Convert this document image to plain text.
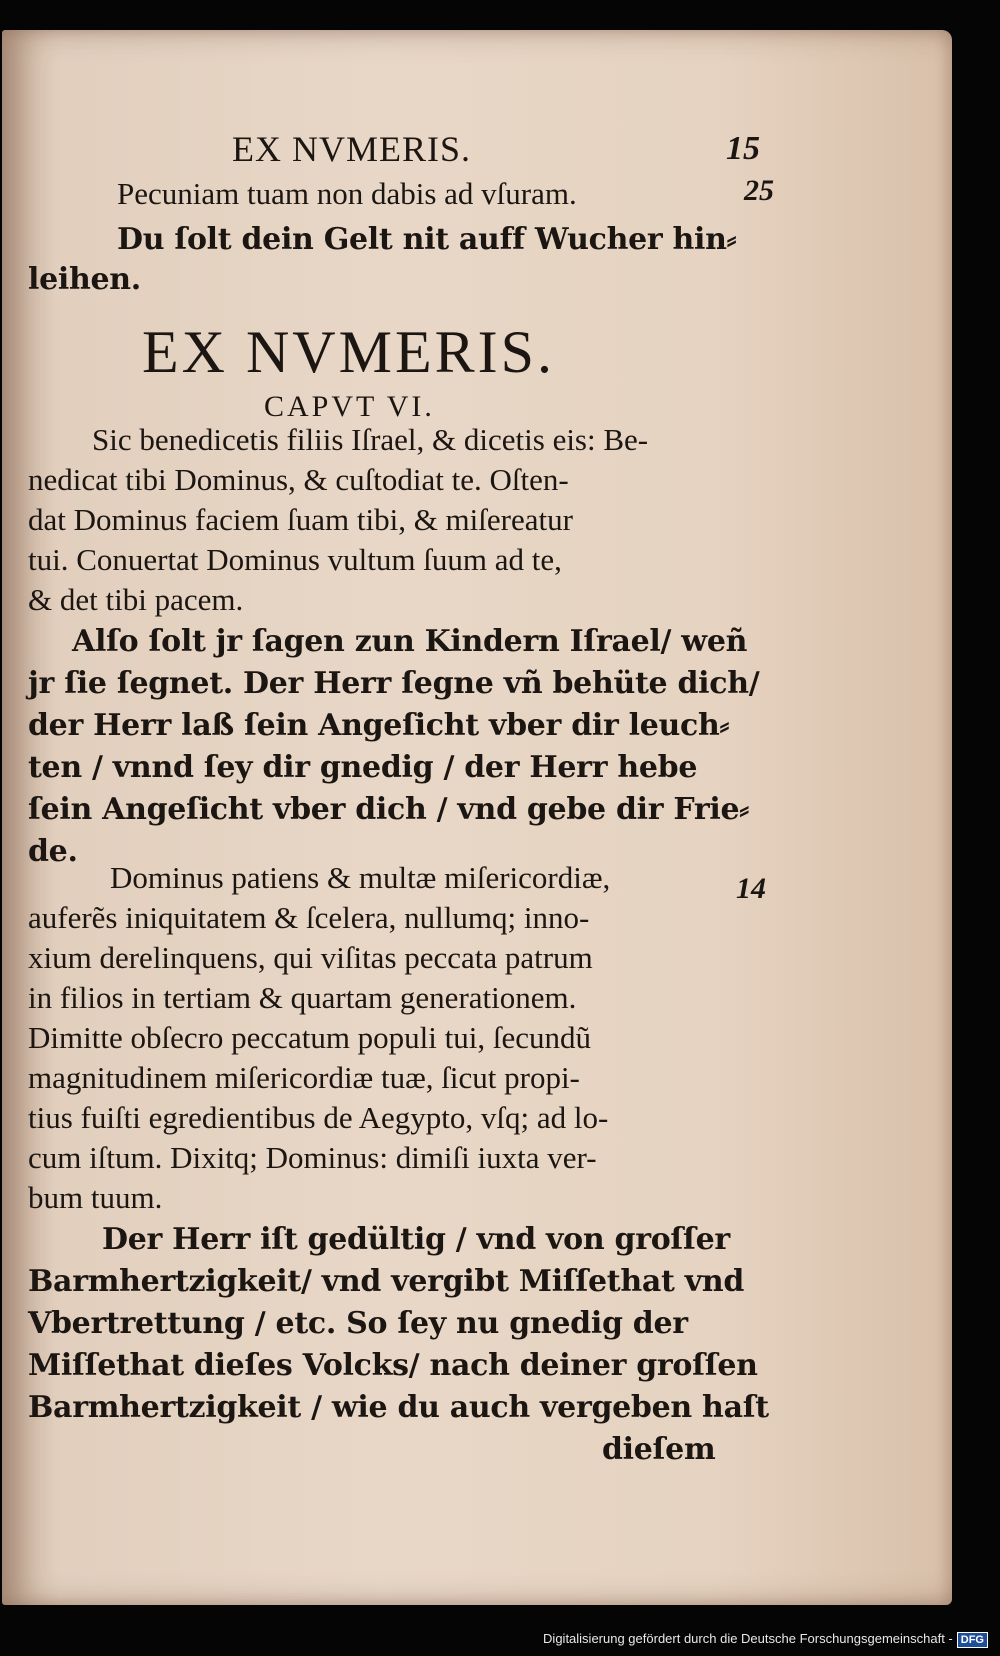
EX NVMERIS.	15
25
Pecuniam tuam non dabis ad vſuram.
Du ſolt dein Gelt nit auff Wucher hin⸗
leihen.
EX NVMERIS.
CAPVT VI.
Sic benedicetis filiis Iſrael, & dicetis eis: Be-
nedicat tibi Dominus, & cuſtodiat te. Oſten-
dat Dominus faciem ſuam tibi, & miſereatur
tui. Conuertat Dominus vultum ſuum ad te,
& det tibi pacem.
Alſo ſolt jr ſagen zun Kindern Iſrael/ weñ
jr ſie ſegnet. Der Herr ſegne vñ behüte dich/
der Herr laß ſein Angeſicht vber dir leuch⸗
ten / vnnd ſey dir gnedig / der Herr hebe
ſein Angeſicht vber dich / vnd gebe dir Frie⸗
de.
14
Dominus patiens & multæ miſericordiæ,
auferẽs iniquitatem & ſcelera, nullumq; inno-
xium derelinquens, qui viſitas peccata patrum
in filios in tertiam & quartam generationem.
Dimitte obſecro peccatum populi tui, ſecundũ
magnitudinem miſericordiæ tuæ, ſicut propi-
tius fuiſti egredientibus de Aegypto, vſq; ad lo-
cum iſtum. Dixitq; Dominus: dimiſi iuxta ver-
bum tuum.
Der Herr iſt gedültig / vnd von groſſer
Barmhertzigkeit/ vnd vergibt Miſſethat vnd
Vbertrettung / etc. So ſey nu gnedig der
Miſſethat dieſes Volcks/ nach deiner groſſen
Barmhertzigkeit / wie du auch vergeben haſt
dieſem
Digitalisierung gefördert durch die Deutsche Forschungsgemeinschaft - DFG
